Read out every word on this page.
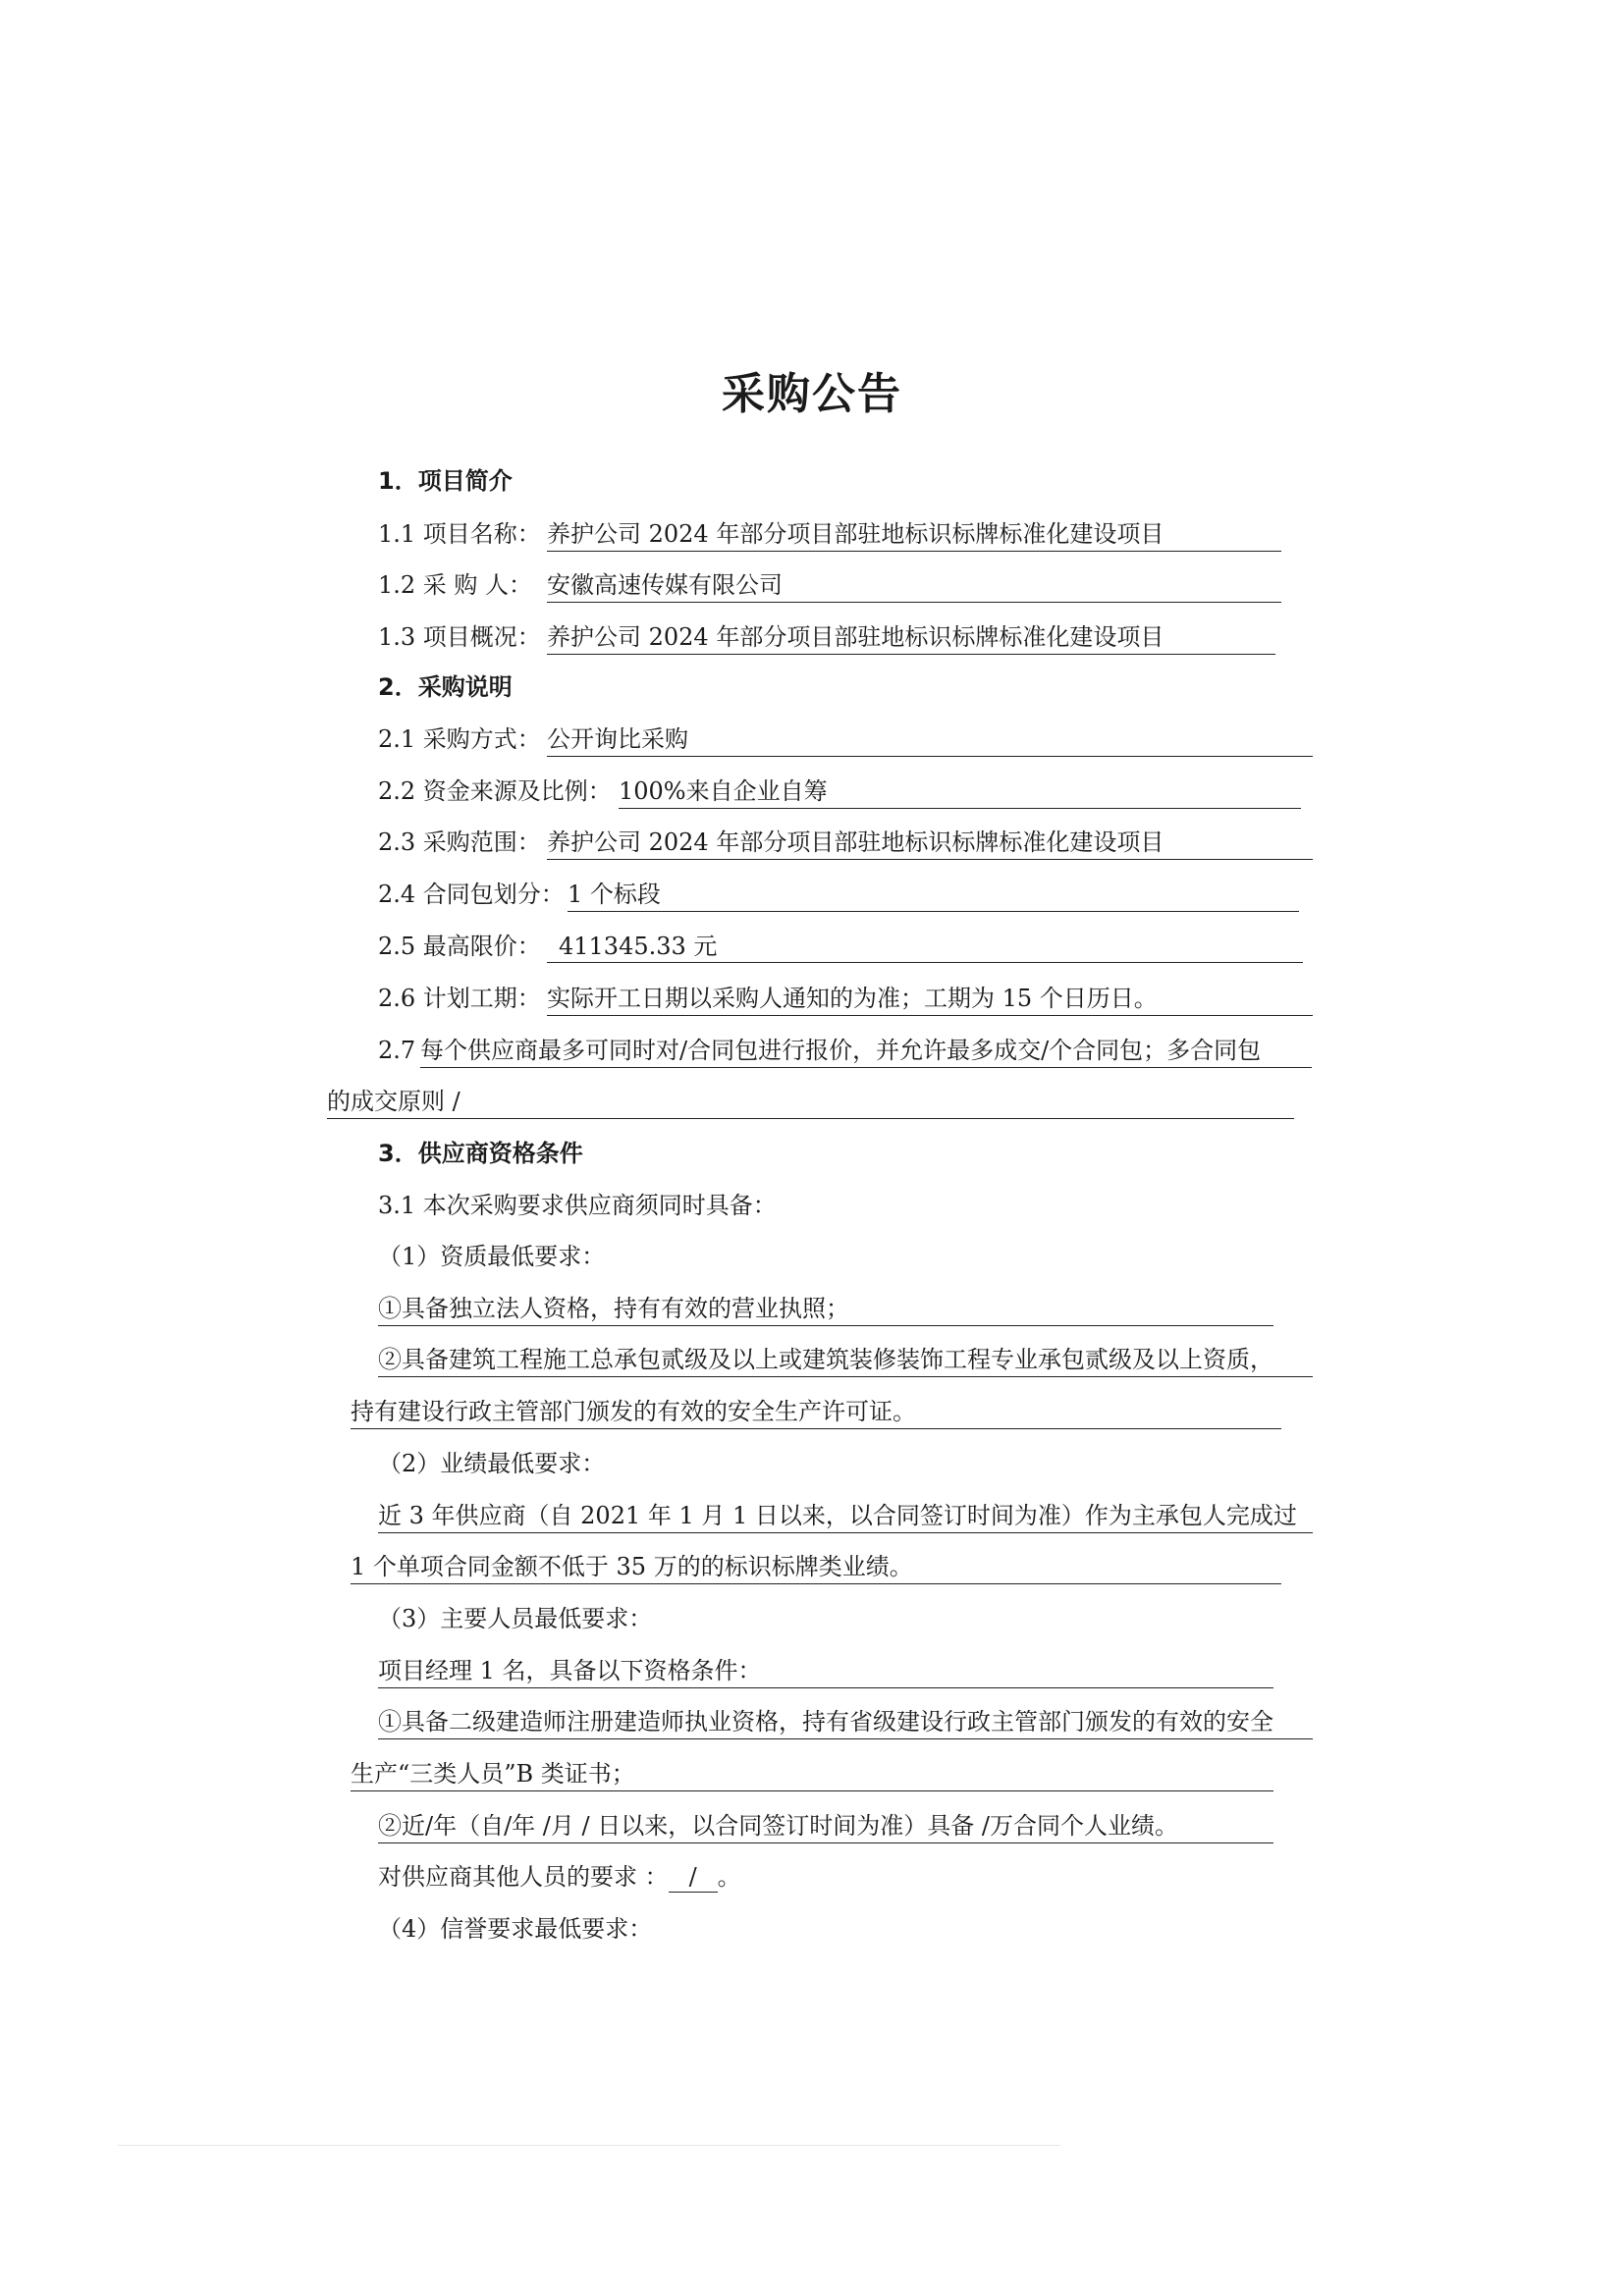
采购公告
1．项目简介
1.1 项目名称： 养护公司 2024 年部分项目部驻地标识标牌标准化建设项目
1.2 采 购 人： 安徽高速传媒有限公司
1.3 项目概况： 养护公司 2024 年部分项目部驻地标识标牌标准化建设项目
2．采购说明
2.1 采购方式： 公开询比采购
2.2 资金来源及比例： 100%来自企业自筹
2.3 采购范围： 养护公司 2024 年部分项目部驻地标识标牌标准化建设项目
2.4 合同包划分： 1 个标段
2.5 最高限价： 411345.33 元
2.6 计划工期： 实际开工日期以采购人通知的为准；工期为 15 个日历日。
2.7 每个供应商最多可同时对/合同包进行报价，并允许最多成交/个合同包；多合同包
的成交原则 /
3．供应商资格条件
3.1 本次采购要求供应商须同时具备：
（1）资质最低要求：
①具备独立法人资格，持有有效的营业执照；
②具备建筑工程施工总承包贰级及以上或建筑装修装饰工程专业承包贰级及以上资质，
持有建设行政主管部门颁发的有效的安全生产许可证。
（2）业绩最低要求：
近 3 年供应商（自 2021 年 1 月 1 日以来，以合同签订时间为准）作为主承包人完成过
1 个单项合同金额不低于 35 万的的标识标牌类业绩。
（3）主要人员最低要求：
项目经理 1 名，具备以下资格条件：
①具备二级建造师注册建造师执业资格，持有省级建设行政主管部门颁发的有效的安全
生产“三类人员”B 类证书；
②近/年（自/年 /月 / 日以来，以合同签订时间为准）具备 /万合同个人业绩。
对供应商其他人员的要求 ： / 。
（4）信誉要求最低要求：
